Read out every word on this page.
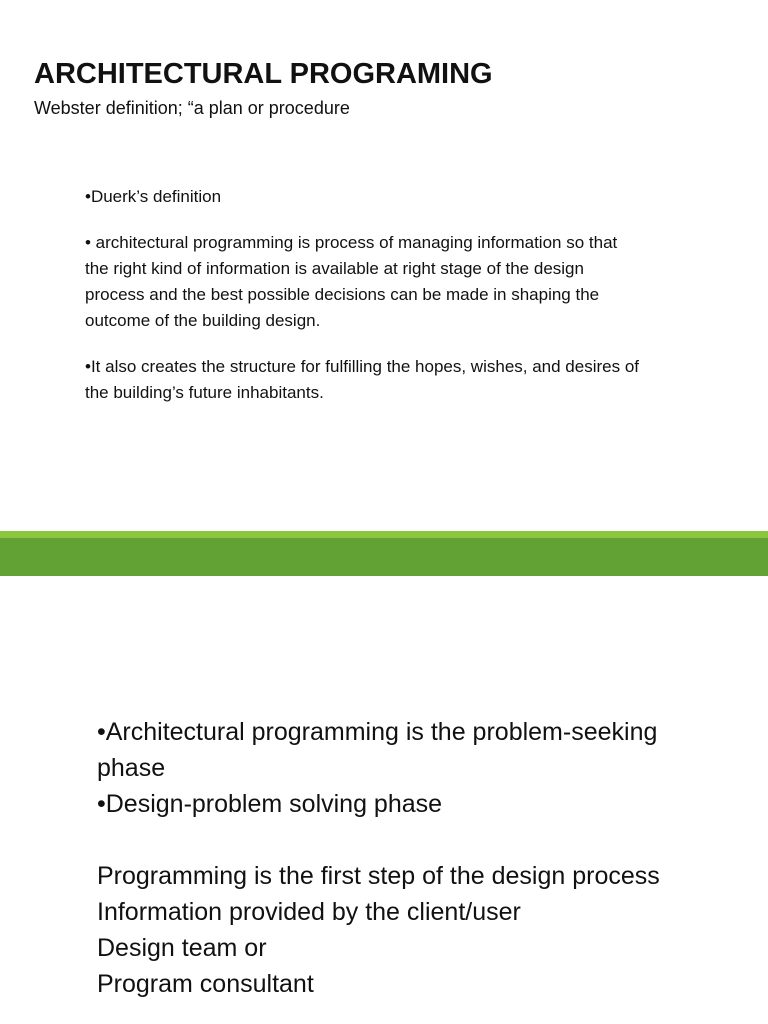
ARCHITECTURAL PROGRAMING
Webster definition; “a plan or procedure

•Duerk’s definition

• architectural programming is process of managing information so that the right kind of information is available at right stage of the design process and the best possible decisions can be made in shaping the outcome of the building design.

•It also creates the structure for fulfilling the hopes, wishes, and desires of the building’s future inhabitants.

•Architectural programming is the problem-seeking phase
•Design-problem solving phase
Programming is the first step of the design process
Information provided by the client/user
Design team or
Program consultant
